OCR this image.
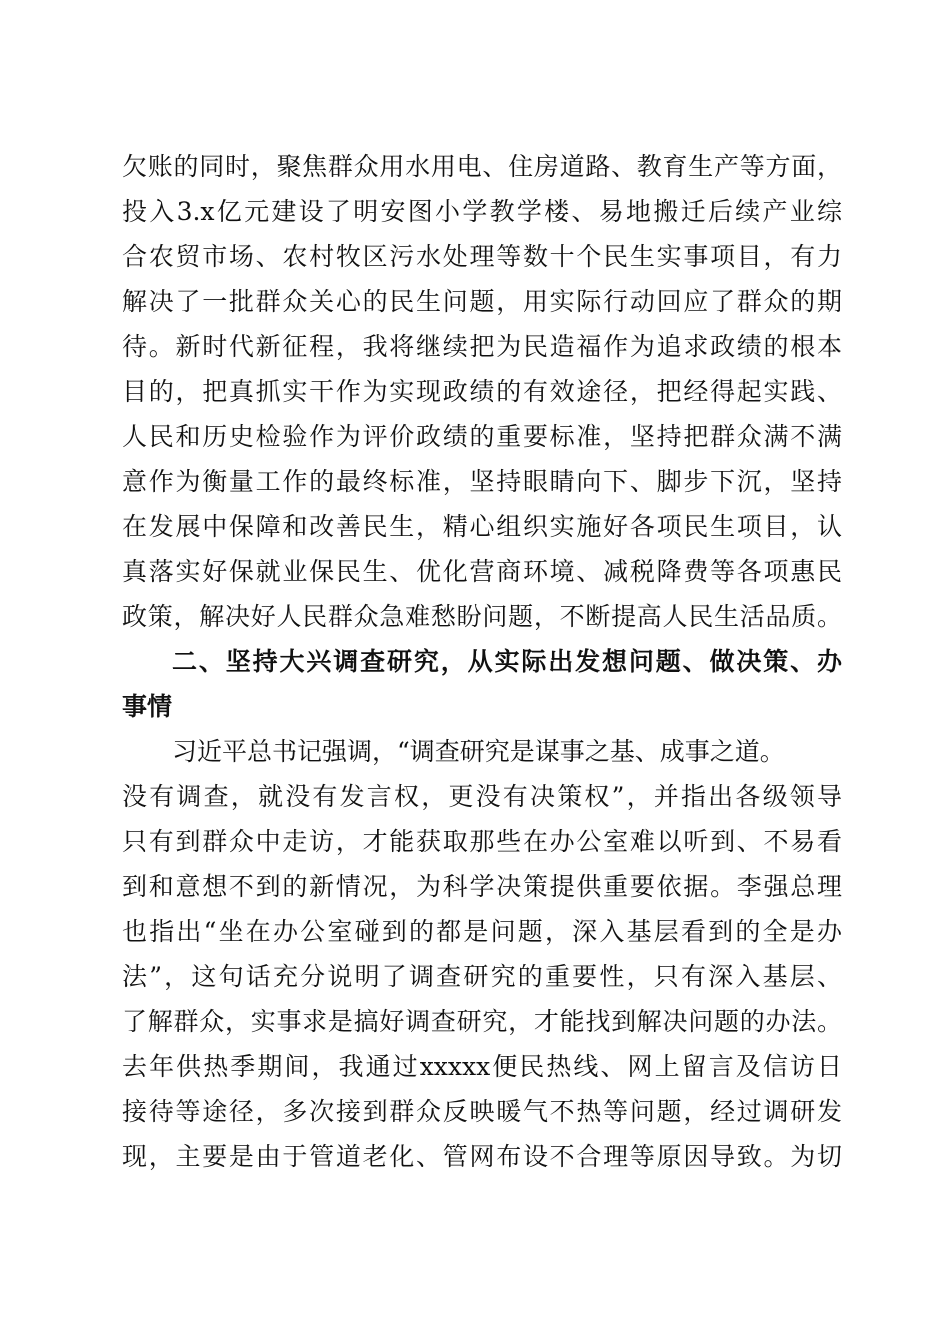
欠账的同时，聚焦群众用水用电、住房道路、教育生产等方面，
投入3.x亿元建设了明安图小学教学楼、易地搬迁后续产业综
合农贸市场、农村牧区污水处理等数十个民生实事项目，有力
解决了一批群众关心的民生问题，用实际行动回应了群众的期
待。新时代新征程，我将继续把为民造福作为追求政绩的根本
目的，把真抓实干作为实现政绩的有效途径，把经得起实践、
人民和历史检验作为评价政绩的重要标准，坚持把群众满不满
意作为衡量工作的最终标准，坚持眼睛向下、脚步下沉，坚持
在发展中保障和改善民生，精心组织实施好各项民生项目，认
真落实好保就业保民生、优化营商环境、减税降费等各项惠民
政策，解决好人民群众急难愁盼问题，不断提高人民生活品质。
二、坚持大兴调查研究，从实际出发想问题、做决策、办
事情
习近平总书记强调，“调查研究是谋事之基、成事之道。
没有调查，就没有发言权，更没有决策权”，并指出各级领导
只有到群众中走访，才能获取那些在办公室难以听到、不易看
到和意想不到的新情况，为科学决策提供重要依据。李强总理
也指出“坐在办公室碰到的都是问题，深入基层看到的全是办
法”，这句话充分说明了调查研究的重要性，只有深入基层、
了解群众，实事求是搞好调查研究，才能找到解决问题的办法。
去年供热季期间，我通过xxxxx便民热线、网上留言及信访日
接待等途径，多次接到群众反映暖气不热等问题，经过调研发
现，主要是由于管道老化、管网布设不合理等原因导致。为切
